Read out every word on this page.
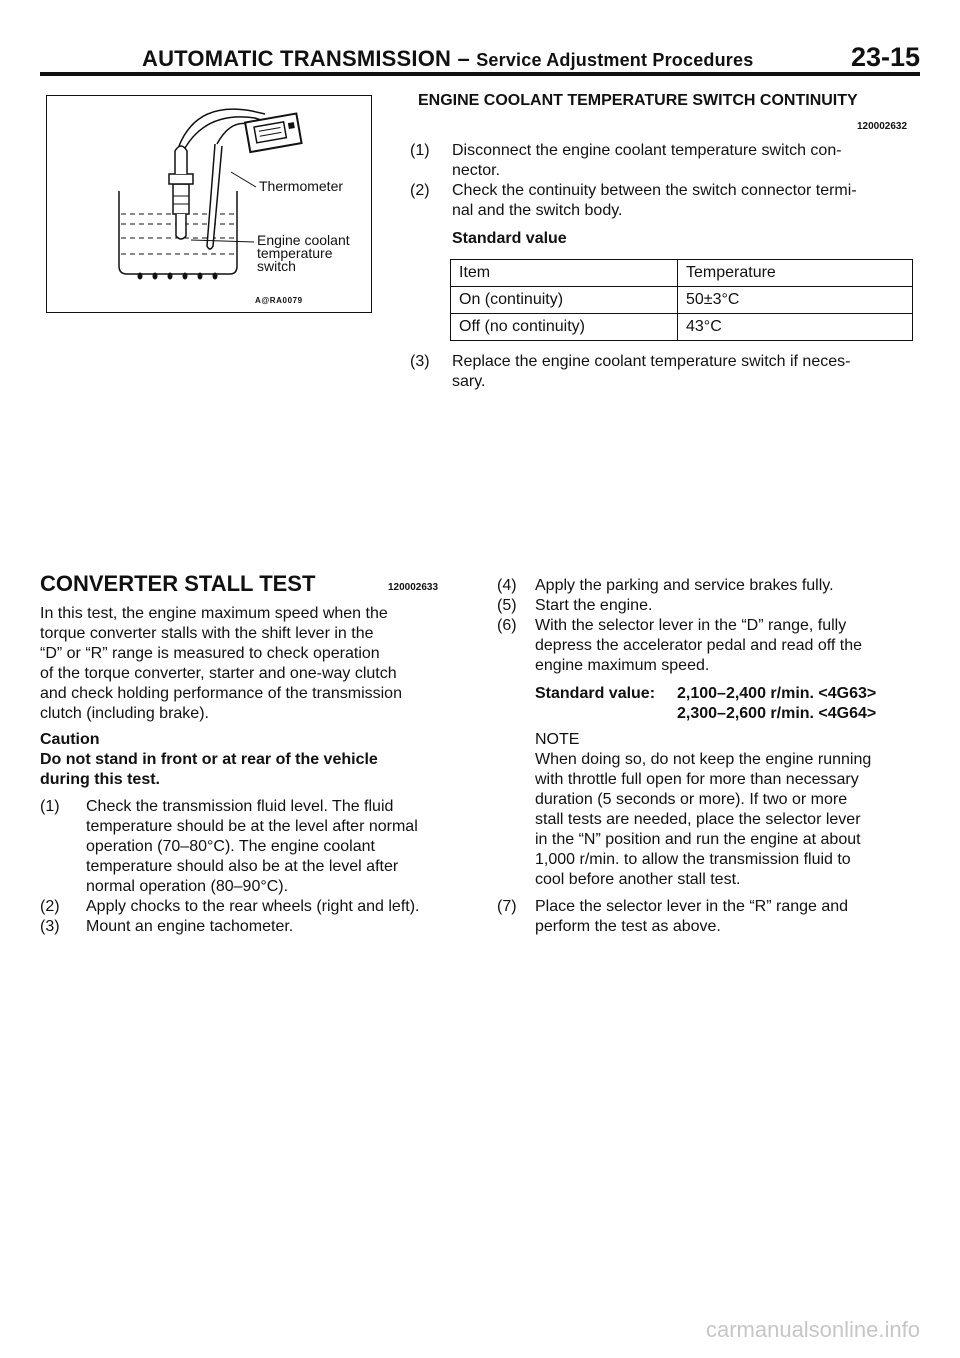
AUTOMATIC TRANSMISSION – Service Adjustment Procedures	23-15
Thermometer
Engine coolant
temperature
switch
A@RA0079
ENGINE COOLANT TEMPERATURE SWITCH CONTINUITY
120002632
(1) Disconnect the engine coolant temperature switch con-
nector.
(2) Check the continuity between the switch connector termi-
nal and the switch body.
Standard value
Item	Temperature
On (continuity)	50±3°C
Off (no continuity)	43°C
(3) Replace the engine coolant temperature switch if neces-
sary.
CONVERTER STALL TEST	120002633
In this test, the engine maximum speed when the
torque converter stalls with the shift lever in the
“D” or “R” range is measured to check operation
of the torque converter, starter and one-way clutch
and check holding performance of the transmission
clutch (including brake).
Caution
Do not stand in front or at rear of the vehicle
during this test.
(1) Check the transmission fluid level. The fluid
temperature should be at the level after normal
operation (70–80°C). The engine coolant
temperature should also be at the level after
normal operation (80–90°C).
(2) Apply chocks to the rear wheels (right and left).
(3) Mount an engine tachometer.
(4) Apply the parking and service brakes fully.
(5) Start the engine.
(6) With the selector lever in the “D” range, fully
depress the accelerator pedal and read off the
engine maximum speed.
Standard value: 2,100–2,400 r/min. <4G63>
2,300–2,600 r/min. <4G64>
NOTE
When doing so, do not keep the engine running
with throttle full open for more than necessary
duration (5 seconds or more). If two or more
stall tests are needed, place the selector lever
in the “N” position and run the engine at about
1,000 r/min. to allow the transmission fluid to
cool before another stall test.
(7) Place the selector lever in the “R” range and
perform the test as above.
carmanualsonline.info
